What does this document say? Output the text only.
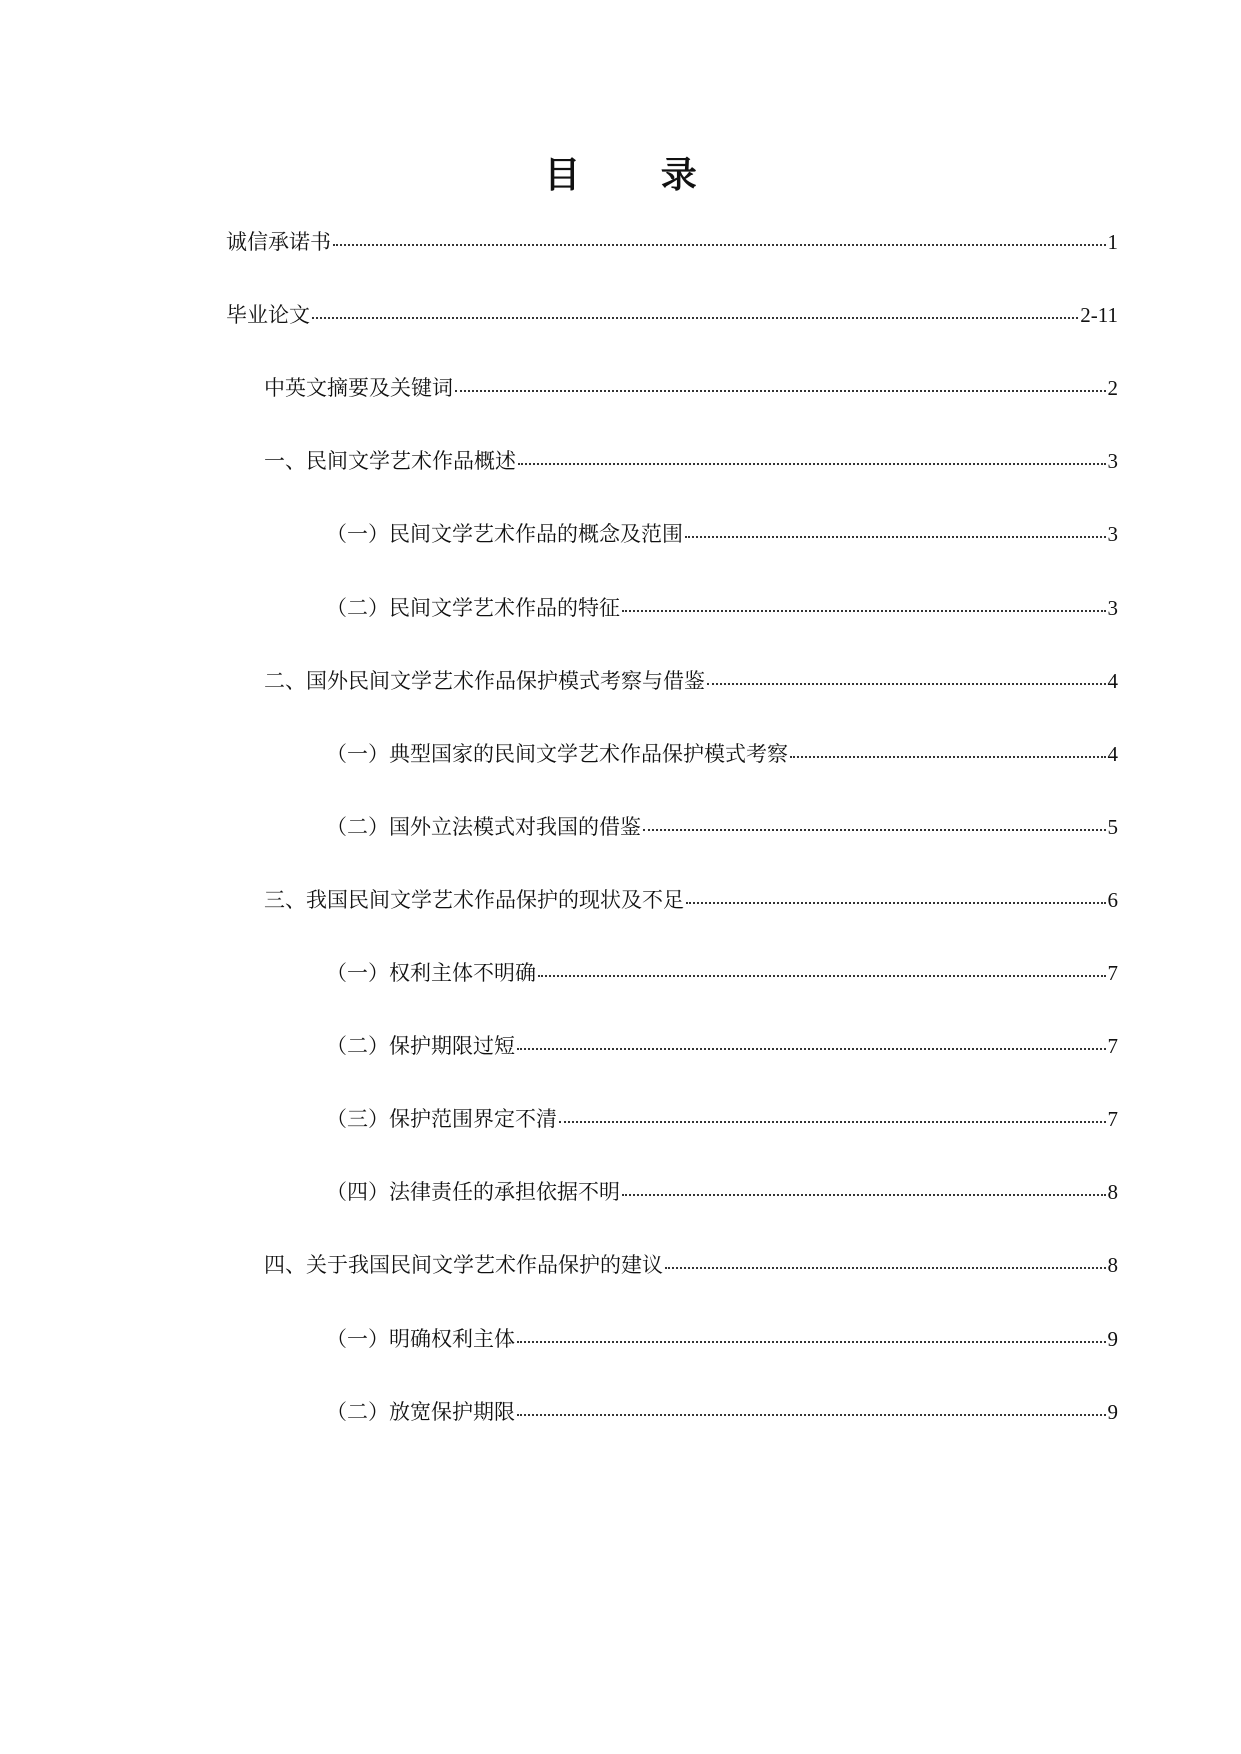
目 录
诚信承诺书	1
毕业论文	2-11
中英文摘要及关键词	2
一、民间文学艺术作品概述	3
（一）民间文学艺术作品的概念及范围	3
（二）民间文学艺术作品的特征	3
二、国外民间文学艺术作品保护模式考察与借鉴	4
（一）典型国家的民间文学艺术作品保护模式考察	4
（二）国外立法模式对我国的借鉴	5
三、我国民间文学艺术作品保护的现状及不足	6
（一）权利主体不明确	7
（二）保护期限过短	7
（三）保护范围界定不清	7
（四）法律责任的承担依据不明	8
四、关于我国民间文学艺术作品保护的建议	8
（一）明确权利主体	9
（二）放宽保护期限	9
